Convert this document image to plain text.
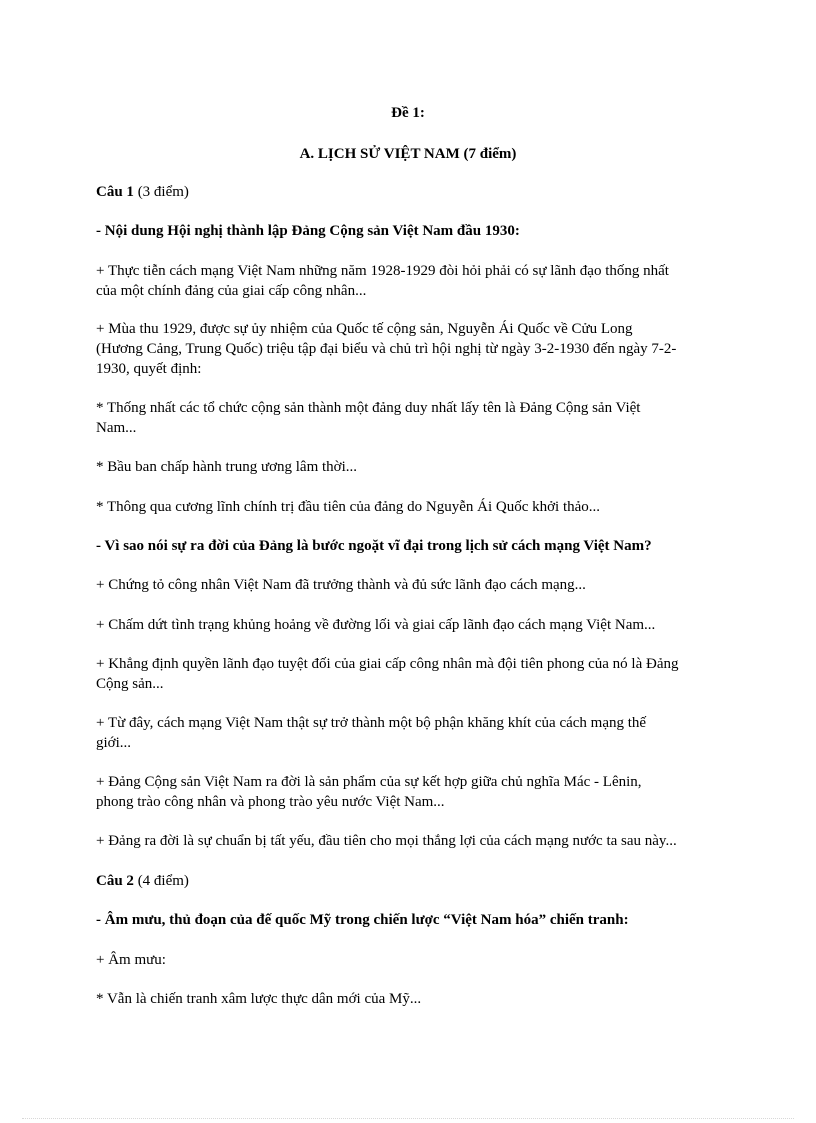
Đề 1:
A. LỊCH SỬ VIỆT NAM (7 điểm)
Câu 1 (3 điểm)
- Nội dung Hội nghị thành lập Đảng Cộng sản Việt Nam đầu 1930:
+ Thực tiễn cách mạng Việt Nam những năm 1928-1929 đòi hỏi phải có sự lãnh đạo thống nhất
của một chính đảng của giai cấp công nhân...
+ Mùa thu 1929, được sự ủy nhiệm của Quốc tế cộng sản, Nguyễn Ái Quốc về Cửu Long
(Hương Cảng, Trung Quốc) triệu tập đại biểu và chủ trì hội nghị từ ngày 3-2-1930 đến ngày 7-2-
1930, quyết định:
* Thống nhất các tổ chức cộng sản thành một đảng duy nhất lấy tên là Đảng Cộng sản Việt
Nam...
* Bầu ban chấp hành trung ương lâm thời...
* Thông qua cương lĩnh chính trị đầu tiên của đảng do Nguyễn Ái Quốc khởi thảo...
- Vì sao nói sự ra đời của Đảng là bước ngoặt vĩ đại trong lịch sử cách mạng Việt Nam?
+ Chứng tỏ công nhân Việt Nam đã trưởng thành và đủ sức lãnh đạo cách mạng...
+ Chấm dứt tình trạng khủng hoảng về đường lối và giai cấp lãnh đạo cách mạng Việt Nam...
+ Khẳng định quyền lãnh đạo tuyệt đối của giai cấp công nhân mà đội tiên phong của nó là Đảng
Cộng sản...
+ Từ đây, cách mạng Việt Nam thật sự trở thành một bộ phận khăng khít của cách mạng thế
giới...
+ Đảng Cộng sản Việt Nam ra đời là sản phẩm của sự kết hợp giữa chủ nghĩa Mác - Lênin,
phong trào công nhân và phong trào yêu nước Việt Nam...
+ Đảng ra đời là sự chuẩn bị tất yếu, đầu tiên cho mọi thắng lợi của cách mạng nước ta sau này...
Câu 2 (4 điểm)
- Âm mưu, thủ đoạn của đế quốc Mỹ trong chiến lược “Việt Nam hóa” chiến tranh:
+ Âm mưu:
* Vẫn là chiến tranh xâm lược thực dân mới của Mỹ...
